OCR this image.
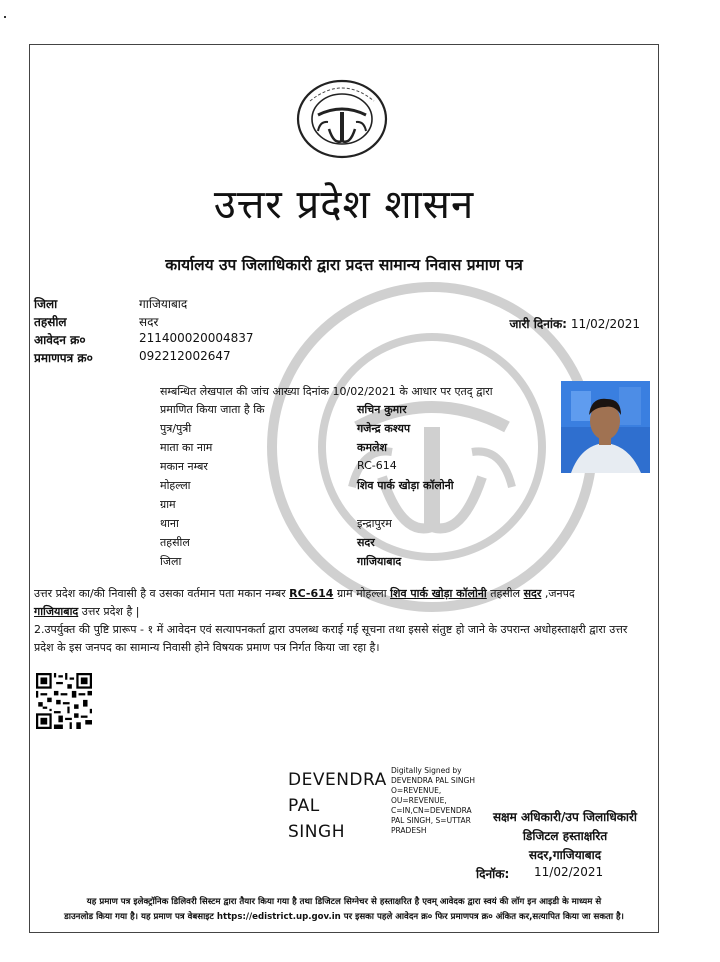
उत्तर प्रदेश शासन
कार्यालय उप जिलाधिकारी द्वारा प्रदत्त सामान्य निवास प्रमाण पत्र
जिला	गाजियाबाद
तहसील	सदर
आवेदन क्र०	211400020004837
प्रमाणपत्र क्र०	092212002647
जारी दिनांक: 11/02/2021
सम्बन्धित लेखपाल की जांच आख्या दिनांक 10/02/2021 के आधार पर एतद् द्वारा
प्रमाणित किया जाता है कि	सचिन कुमार
पुत्र/पुत्री	गजेन्द्र कश्यप
माता का नाम	कमलेश
मकान नम्बर	RC-614
मोहल्ला	शिव पार्क खोड़ा कॉलोनी
ग्राम
थाना	इन्द्रापुरम
तहसील	सदर
जिला	गाजियाबाद
उत्तर प्रदेश का/की निवासी है व उसका वर्तमान पता मकान नम्बर RC-614 ग्राम मोहल्ला शिव पार्क खोड़ा कॉलोनी तहसील सदर ,जनपद
गाजियाबाद उत्तर प्रदेश है |
2.उपर्युक्त की पुष्टि प्रारूप - १ में आवेदन एवं सत्यापनकर्ता द्वारा उपलब्ध कराई गई सूचना तथा इससे संतुष्ट हो जाने के उपरान्त अधोहस्ताक्षरी द्वारा उत्तर प्रदेश के इस जनपद का सामान्य निवासी होने विषयक प्रमाण पत्र निर्गत किया जा रहा है।
DEVENDRA
PAL
SINGH
Digitally Signed by
DEVENDRA PAL SINGH
O=REVENUE,
OU=REVENUE,
C=IN,CN=DEVENDRA
PAL SINGH, S=UTTAR
PRADESH
सक्षम अधिकारी/उप जिलाधिकारी
डिजिटल हस्ताक्षरित
सदर,गाजियाबाद
दिनॉक: 11/02/2021
यह प्रमाण पत्र इलेक्ट्रॉनिक डिलिवरी सिस्टम द्वारा तैयार किया गया है तथा डिजिटल सिग्नेचर से हस्ताक्षरित है एवम् आवेदक द्वारा स्वयं की लॉग इन आइडी के माध्यम से
डाउनलोड किया गया है। यह प्रमाण पत्र वेबसाइट https://edistrict.up.gov.in पर इसका पहले आवेदन क्र० फिर प्रमाणपत्र क्र० अंकित कर,सत्यापित किया जा सकता है।
